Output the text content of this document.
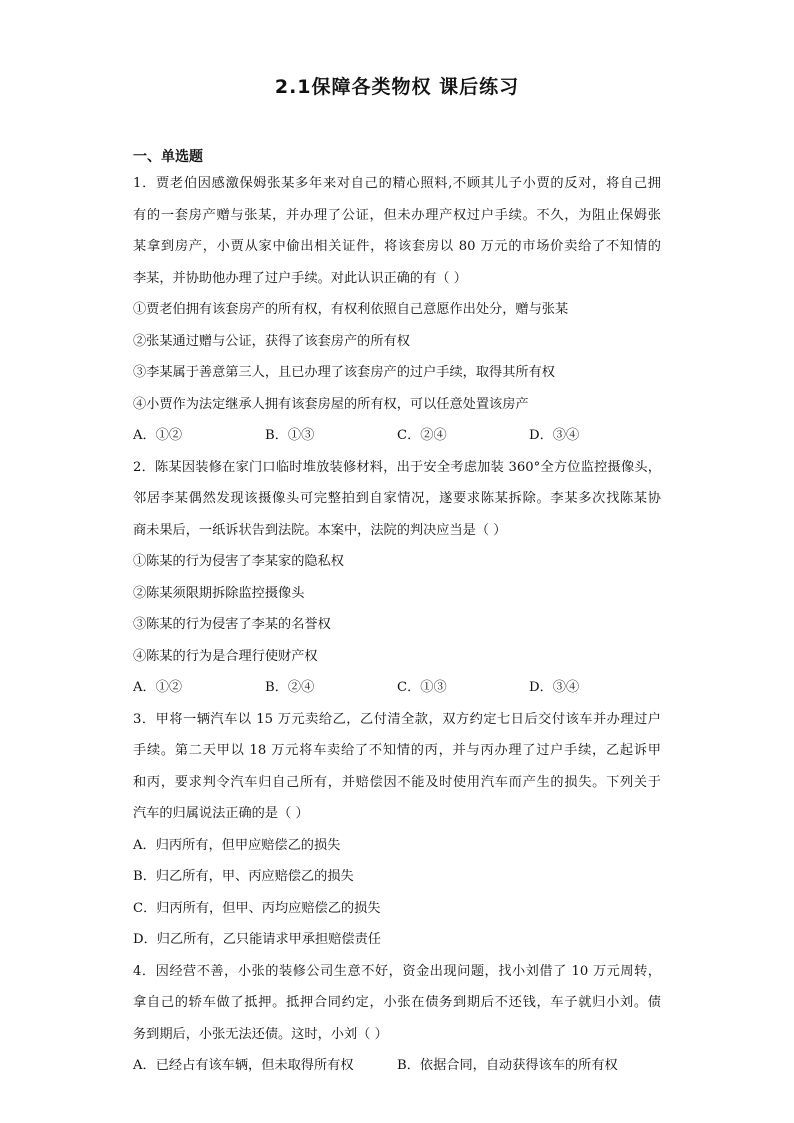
2.1保障各类物权 课后练习
一、单选题
1．贾老伯因感激保姆张某多年来对自己的精心照料,不顾其儿子小贾的反对，将自己拥
有的一套房产赠与张某，并办理了公证，但未办理产权过户手续。不久，为阻止保姆张
某拿到房产，小贾从家中偷出相关证件，将该套房以 80 万元的市场价卖给了不知情的
李某，并协助他办理了过户手续。对此认识正确的有（ ）
①贾老伯拥有该套房产的所有权，有权利依照自己意愿作出处分，赠与张某
②张某通过赠与公证，获得了该套房产的所有权
③李某属于善意第三人，且已办理了该套房产的过户手续，取得其所有权
④小贾作为法定继承人拥有该套房屋的所有权，可以任意处置该房产
A．①②	B．①③	C．②④	D．③④
2．陈某因装修在家门口临时堆放装修材料，出于安全考虑加装 360°全方位监控摄像头，
邻居李某偶然发现该摄像头可完整拍到自家情况，遂要求陈某拆除。李某多次找陈某协
商未果后，一纸诉状告到法院。本案中，法院的判决应当是（ ）
①陈某的行为侵害了李某家的隐私权
②陈某须限期拆除监控摄像头
③陈某的行为侵害了李某的名誉权
④陈某的行为是合理行使财产权
A．①②	B．②④	C．①③	D．③④
3．甲将一辆汽车以 15 万元卖给乙，乙付清全款，双方约定七日后交付该车并办理过户
手续。第二天甲以 18 万元将车卖给了不知情的丙，并与丙办理了过户手续，乙起诉甲
和丙，要求判令汽车归自己所有，并赔偿因不能及时使用汽车而产生的损失。下列关于
汽车的归属说法正确的是（ ）
A．归丙所有，但甲应赔偿乙的损失
B．归乙所有，甲、丙应赔偿乙的损失
C．归丙所有，但甲、丙均应赔偿乙的损失
D．归乙所有，乙只能请求甲承担赔偿责任
4．因经营不善，小张的装修公司生意不好，资金出现问题，找小刘借了 10 万元周转，
拿自己的轿车做了抵押。抵押合同约定，小张在债务到期后不还钱，车子就归小刘。债
务到期后，小张无法还债。这时，小刘（ ）
A．已经占有该车辆，但未取得所有权	B．依据合同，自动获得该车的所有权
